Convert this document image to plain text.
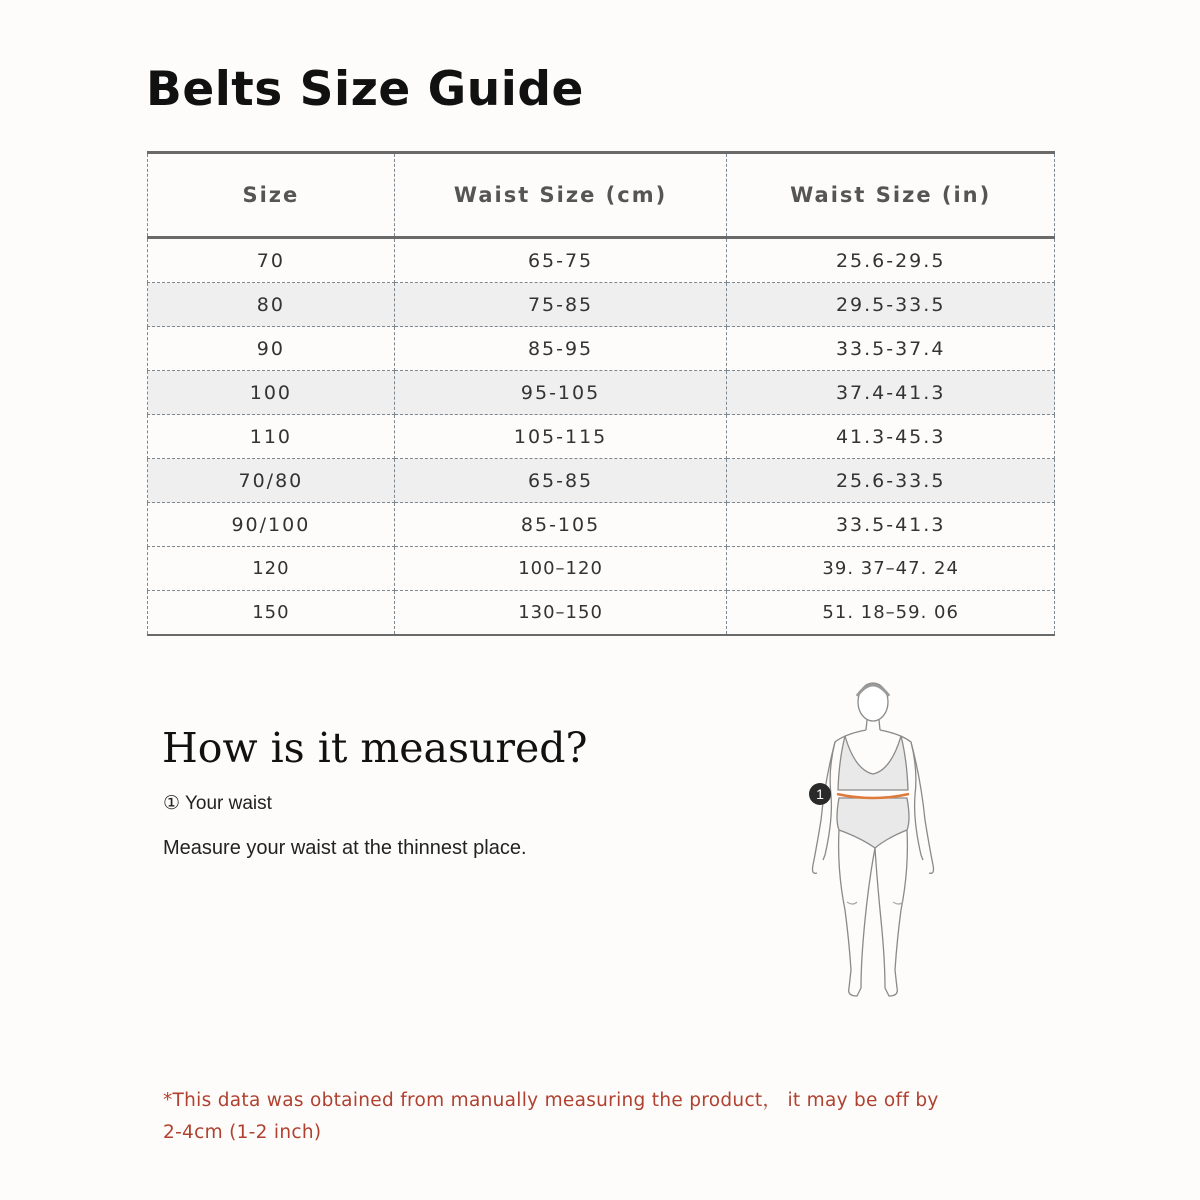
Belts Size Guide
Size	Waist Size (cm)	Waist Size (in)
70	65-75	25.6-29.5
80	75-85	29.5-33.5
90	85-95	33.5-37.4
100	95-105	37.4-41.3
110	105-115	41.3-45.3
70/80	65-85	25.6-33.5
90/100	85-105	33.5-41.3
120	100–120	39. 37–47. 24
150	130–150	51. 18–59. 06
How is it measured?
① Your waist
Measure your waist at the thinnest place.
1
*This data was obtained from manually measuring the product， it may be off by
2-4cm (1-2 inch)
